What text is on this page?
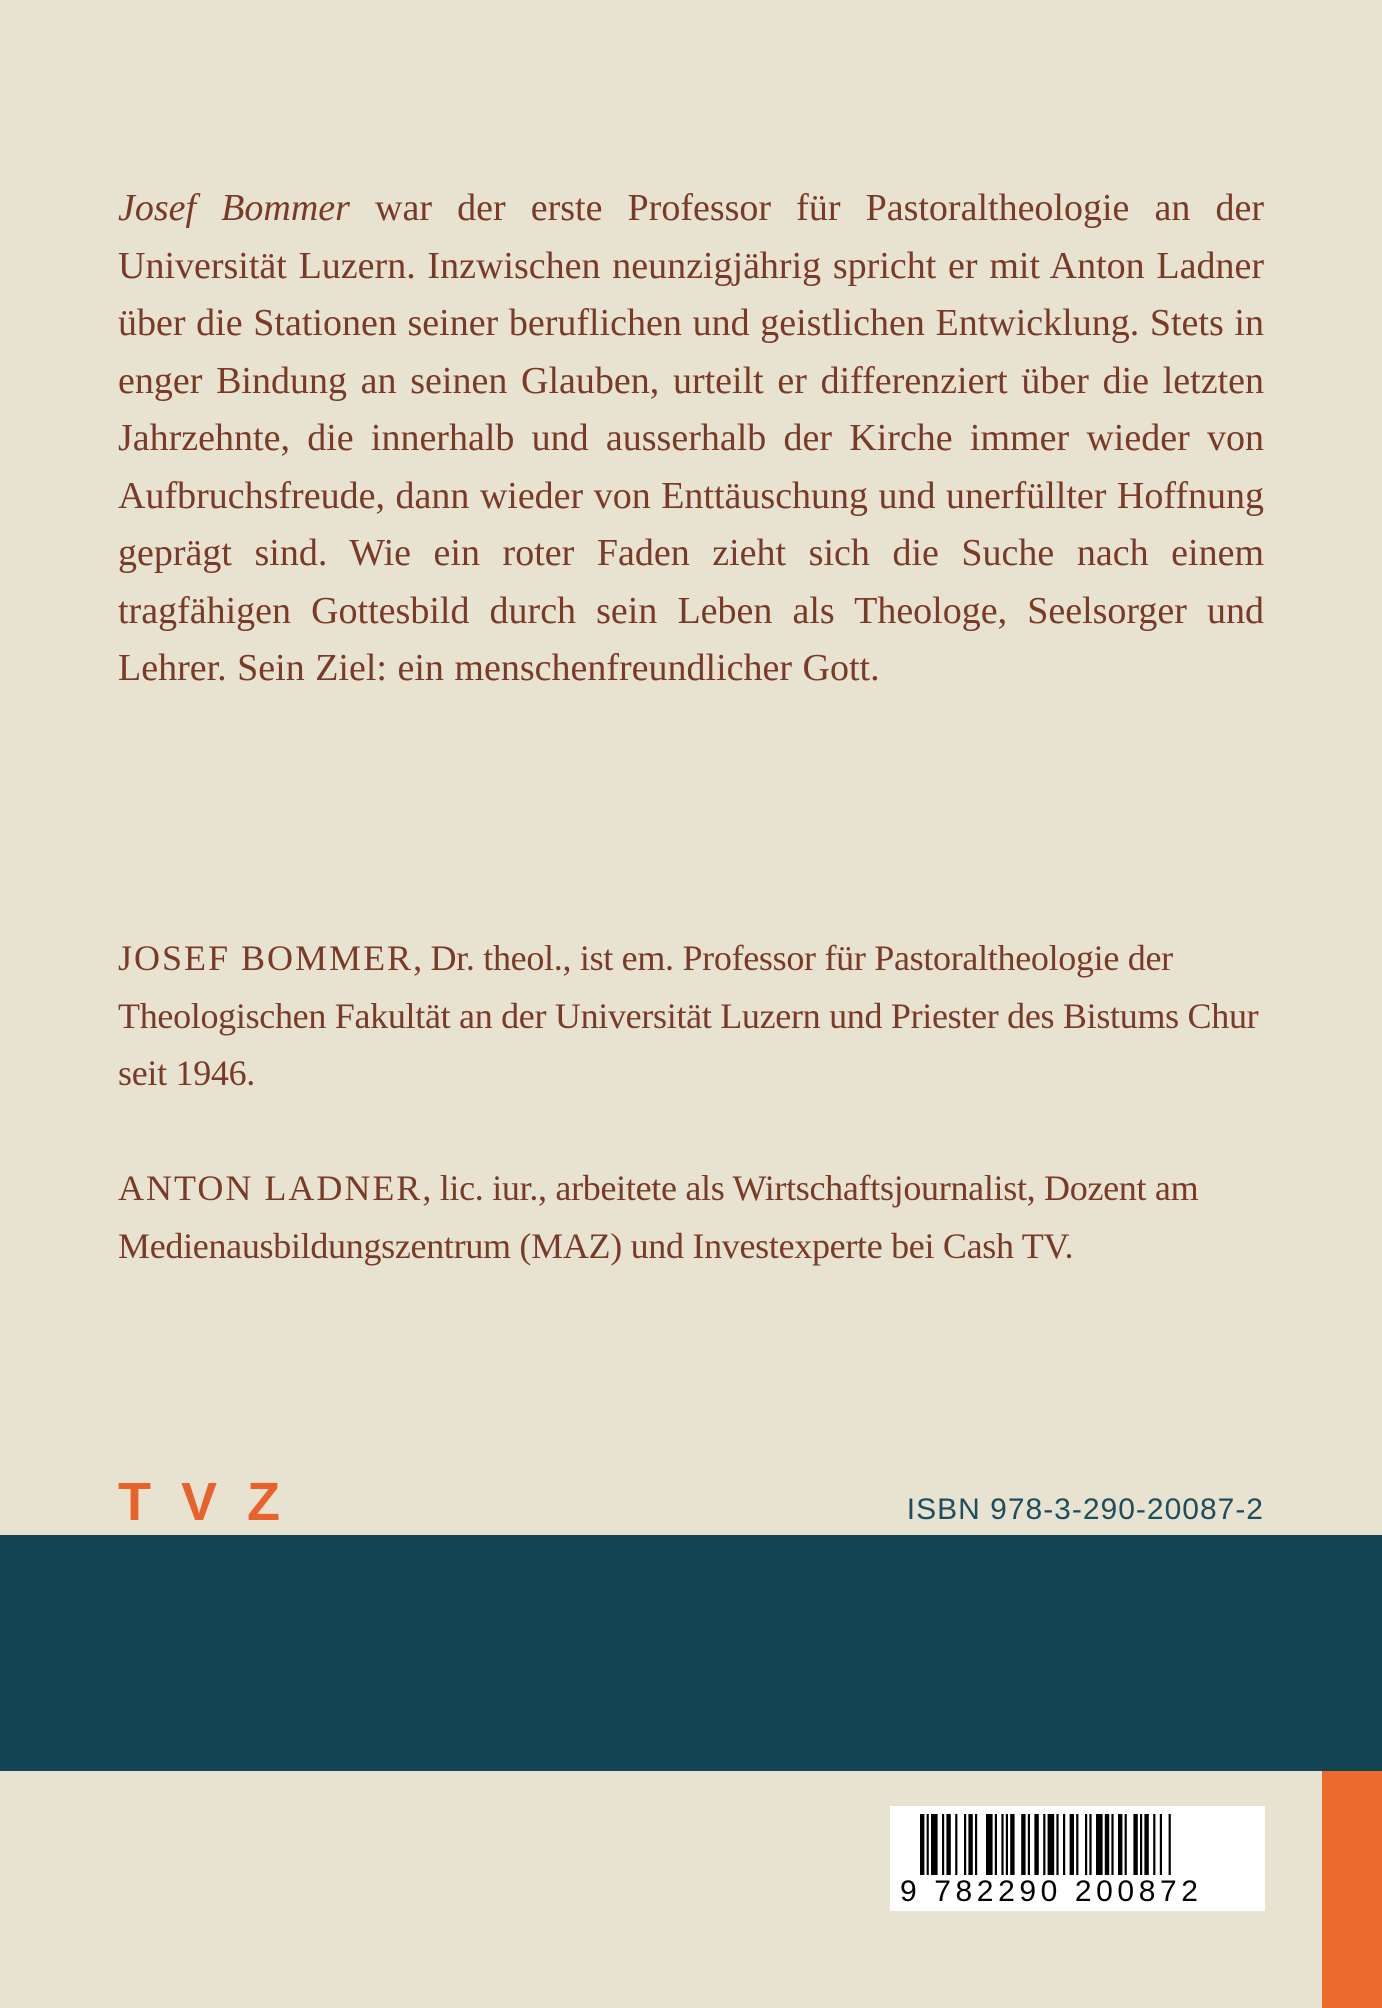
Josef Bommer war der erste Professor für Pastoraltheologie an der Universität Luzern. Inzwischen neunzigjährig spricht er mit Anton Ladner über die Stationen seiner beruflichen und geistlichen Entwicklung. Stets in enger Bindung an seinen Glauben, urteilt er differenziert über die letzten Jahrzehnte, die innerhalb und ausserhalb der Kirche immer wieder von Aufbruchsfreude, dann wieder von Enttäuschung und unerfüllter Hoffnung geprägt sind. Wie ein roter Faden zieht sich die Suche nach einem tragfähigen Gottesbild durch sein Leben als Theologe, Seelsorger und Lehrer. Sein Ziel: ein menschenfreundlicher Gott.
JOSEF BOMMER, Dr. theol., ist em. Professor für Pastoraltheologie der Theologischen Fakultät an der Universität Luzern und Priester des Bistums Chur seit 1946.
ANTON LADNER, lic. iur., arbeitete als Wirtschaftsjournalist, Dozent am Medienausbildungszentrum (MAZ) und Investexperte bei Cash TV.
TVZ	ISBN 978-3-290-20087-2
9 782290 200872
